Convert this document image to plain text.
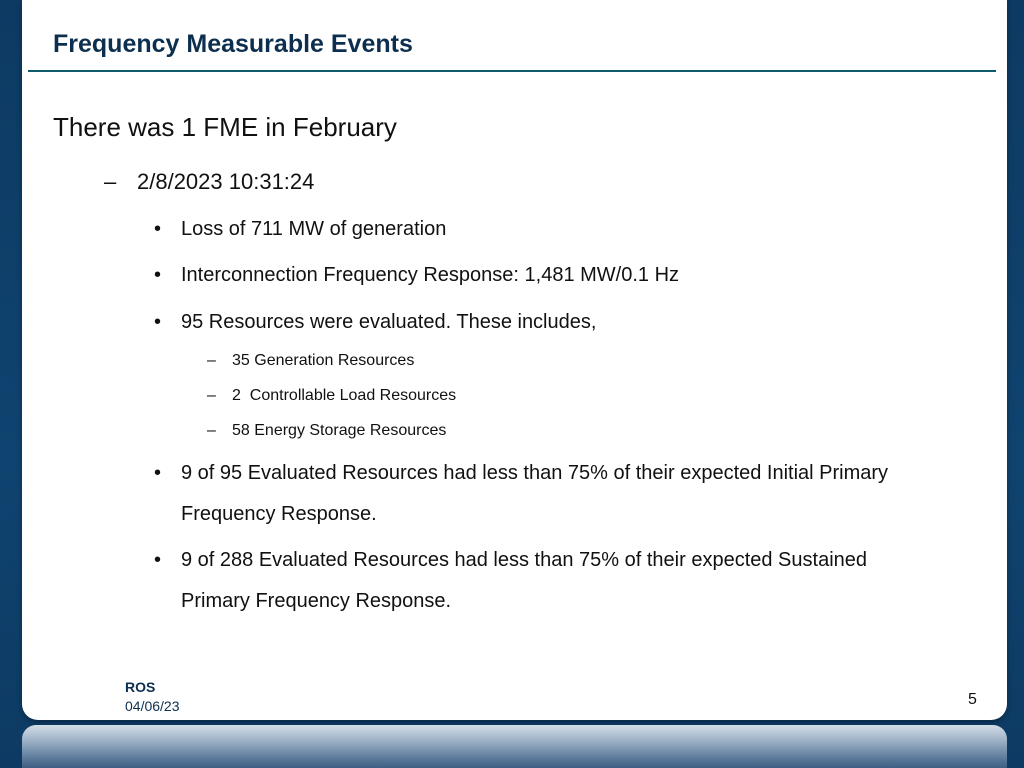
Frequency Measurable Events
There was 1 FME in February
– 2/8/2023 10:31:24
• Loss of 711 MW of generation
• Interconnection Frequency Response: 1,481 MW/0.1 Hz
• 95 Resources were evaluated. These includes,
– 35 Generation Resources
– 2  Controllable Load Resources
– 58 Energy Storage Resources
• 9 of 95 Evaluated Resources had less than 75% of their expected Initial Primary Frequency Response.
• 9 of 288 Evaluated Resources had less than 75% of their expected Sustained Primary Frequency Response.
ROS
04/06/23	5
